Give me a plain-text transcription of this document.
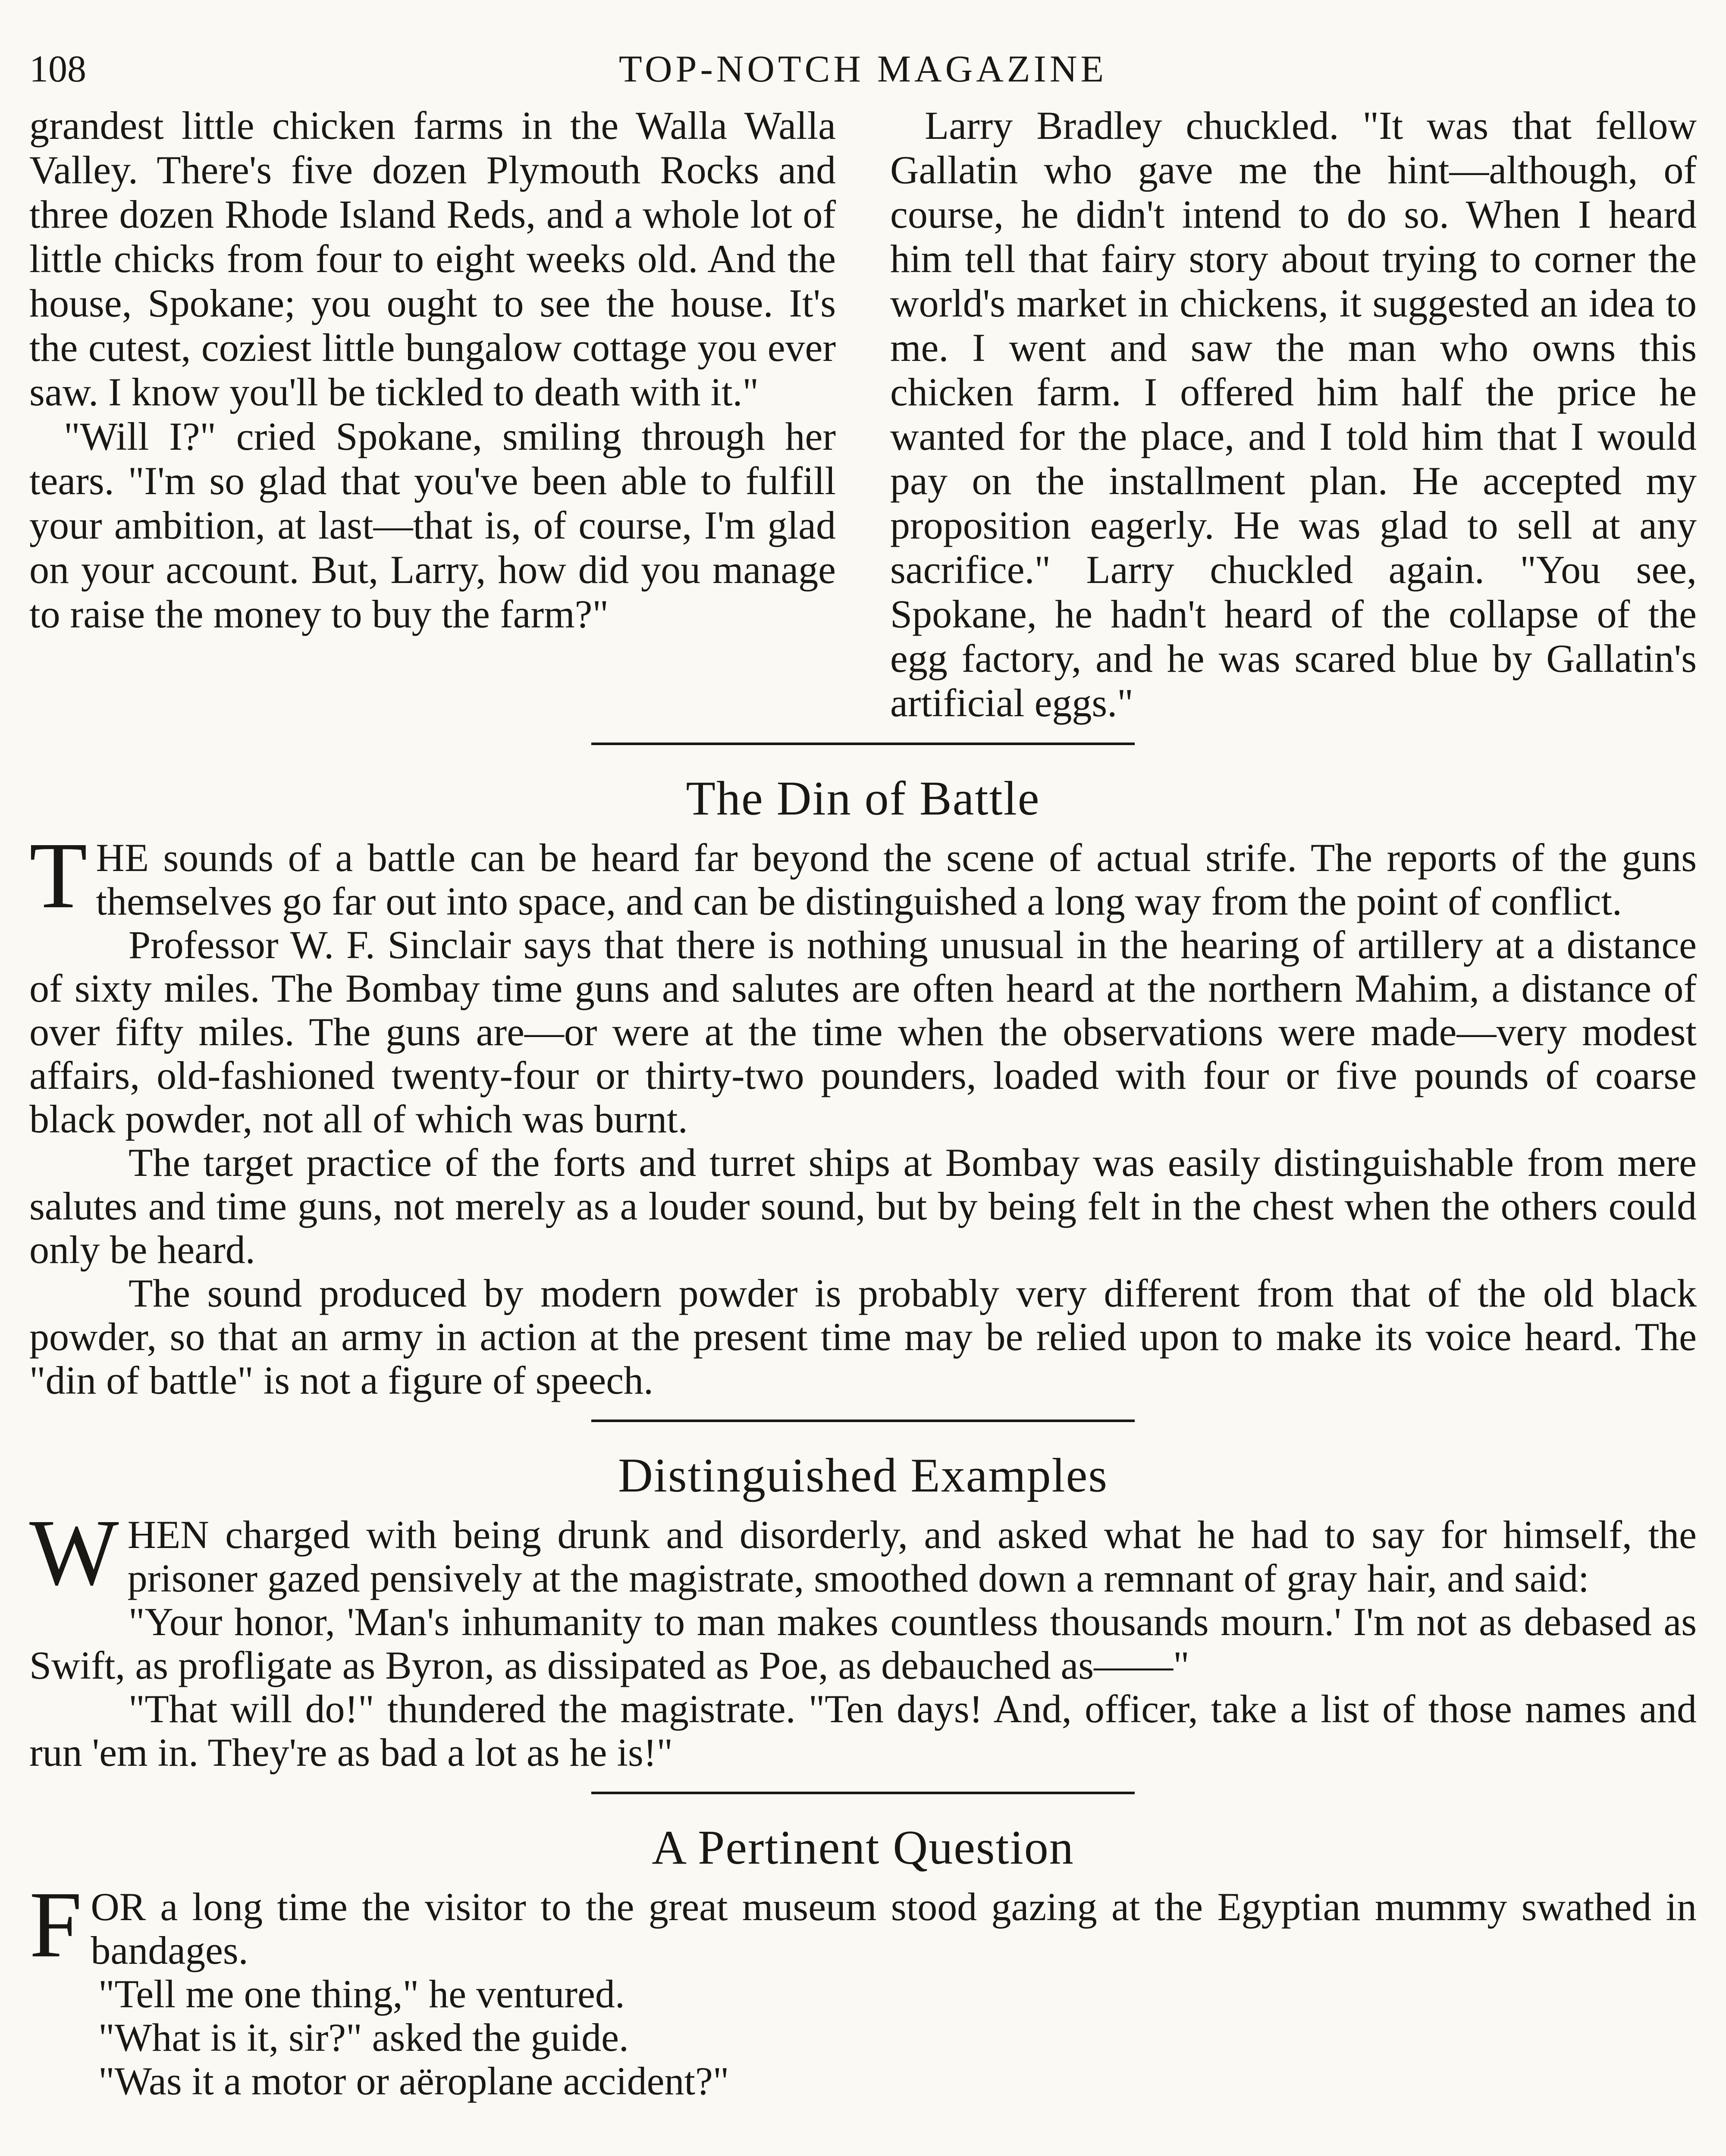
108	TOP-NOTCH MAGAZINE

grandest little chicken farms in the Walla Walla Valley. There's five dozen Plymouth Rocks and three dozen Rhode Island Reds, and a whole lot of little chicks from four to eight weeks old. And the house, Spokane; you ought to see the house. It's the cutest, coziest little bungalow cottage you ever saw. I know you'll be tickled to death with it."

"Will I?" cried Spokane, smiling through her tears. "I'm so glad that you've been able to fulfill your ambition, at last—that is, of course, I'm glad on your account. But, Larry, how did you manage to raise the money to buy the farm?"

Larry Bradley chuckled. "It was that fellow Gallatin who gave me the hint—although, of course, he didn't intend to do so. When I heard him tell that fairy story about trying to corner the world's market in chickens, it suggested an idea to me. I went and saw the man who owns this chicken farm. I offered him half the price he wanted for the place, and I told him that I would pay on the installment plan. He accepted my proposition eagerly. He was glad to sell at any sacrifice." Larry chuckled again. "You see, Spokane, he hadn't heard of the collapse of the egg factory, and he was scared blue by Gallatin's artificial eggs."

The Din of Battle

THE sounds of a battle can be heard far beyond the scene of actual strife. The reports of the guns themselves go far out into space, and can be distinguished a long way from the point of conflict.

Professor W. F. Sinclair says that there is nothing unusual in the hearing of artillery at a distance of sixty miles. The Bombay time guns and salutes are often heard at the northern Mahim, a distance of over fifty miles. The guns are—or were at the time when the observations were made—very modest affairs, old-fashioned twenty-four or thirty-two pounders, loaded with four or five pounds of coarse black powder, not all of which was burnt.

The target practice of the forts and turret ships at Bombay was easily distinguishable from mere salutes and time guns, not merely as a louder sound, but by being felt in the chest when the others could only be heard.

The sound produced by modern powder is probably very different from that of the old black powder, so that an army in action at the present time may be relied upon to make its voice heard. The "din of battle" is not a figure of speech.

Distinguished Examples

WHEN charged with being drunk and disorderly, and asked what he had to say for himself, the prisoner gazed pensively at the magistrate, smoothed down a remnant of gray hair, and said:

"Your honor, 'Man's inhumanity to man makes countless thousands mourn.' I'm not as debased as Swift, as profligate as Byron, as dissipated as Poe, as debauched as——"

"That will do!" thundered the magistrate. "Ten days! And, officer, take a list of those names and run 'em in. They're as bad a lot as he is!"

A Pertinent Question

FOR a long time the visitor to the great museum stood gazing at the Egyptian mummy swathed in bandages.

"Tell me one thing," he ventured.

"What is it, sir?" asked the guide.

"Was it a motor or aëroplane accident?"
